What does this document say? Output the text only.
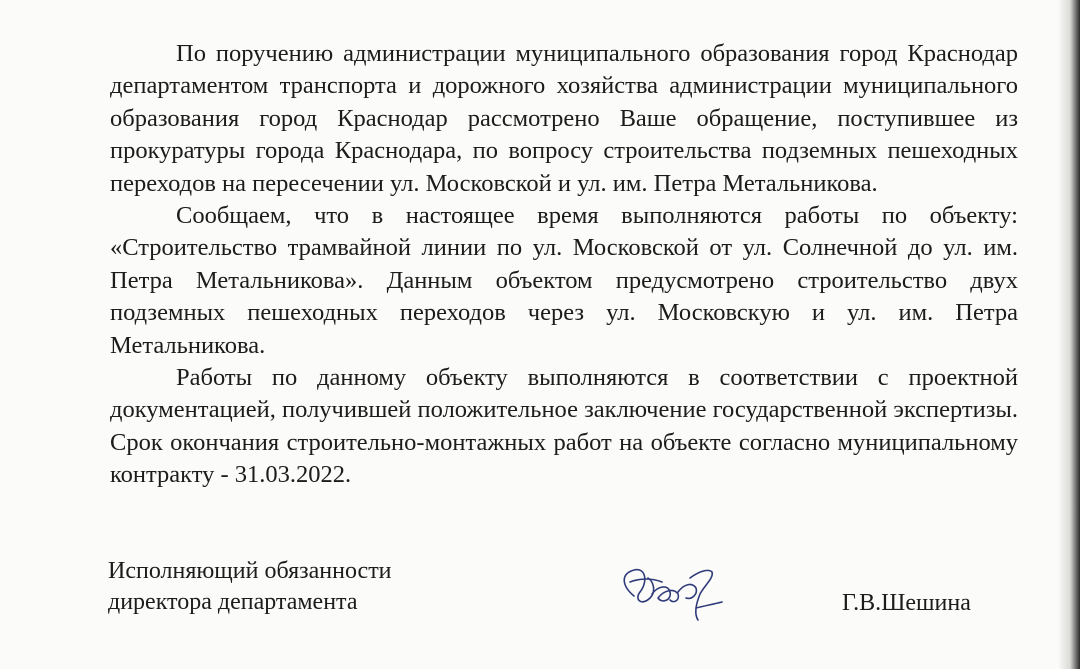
По поручению администрации муниципального образования город Краснодар департаментом транспорта и дорожного хозяйства администрации муниципального образования город Краснодар рассмотрено Ваше обращение, поступившее из прокуратуры города Краснодара, по вопросу строительства подземных пешеходных переходов на пересечении ул. Московской и ул. им. Петра Метальникова.

Сообщаем, что в настоящее время выполняются работы по объекту: «Строительство трамвайной линии по ул. Московской от ул. Солнечной до ул. им. Петра Метальникова». Данным объектом предусмотрено строительство двух подземных пешеходных переходов через ул. Московскую и ул. им. Петра Метальникова.

Работы по данному объекту выполняются в соответствии с проектной документацией, получившей положительное заключение государственной экспертизы. Срок окончания строительно-монтажных работ на объекте согласно муниципальному контракту - 31.03.2022.

Исполняющий обязанности
директора департамента	Г.В.Шешина
